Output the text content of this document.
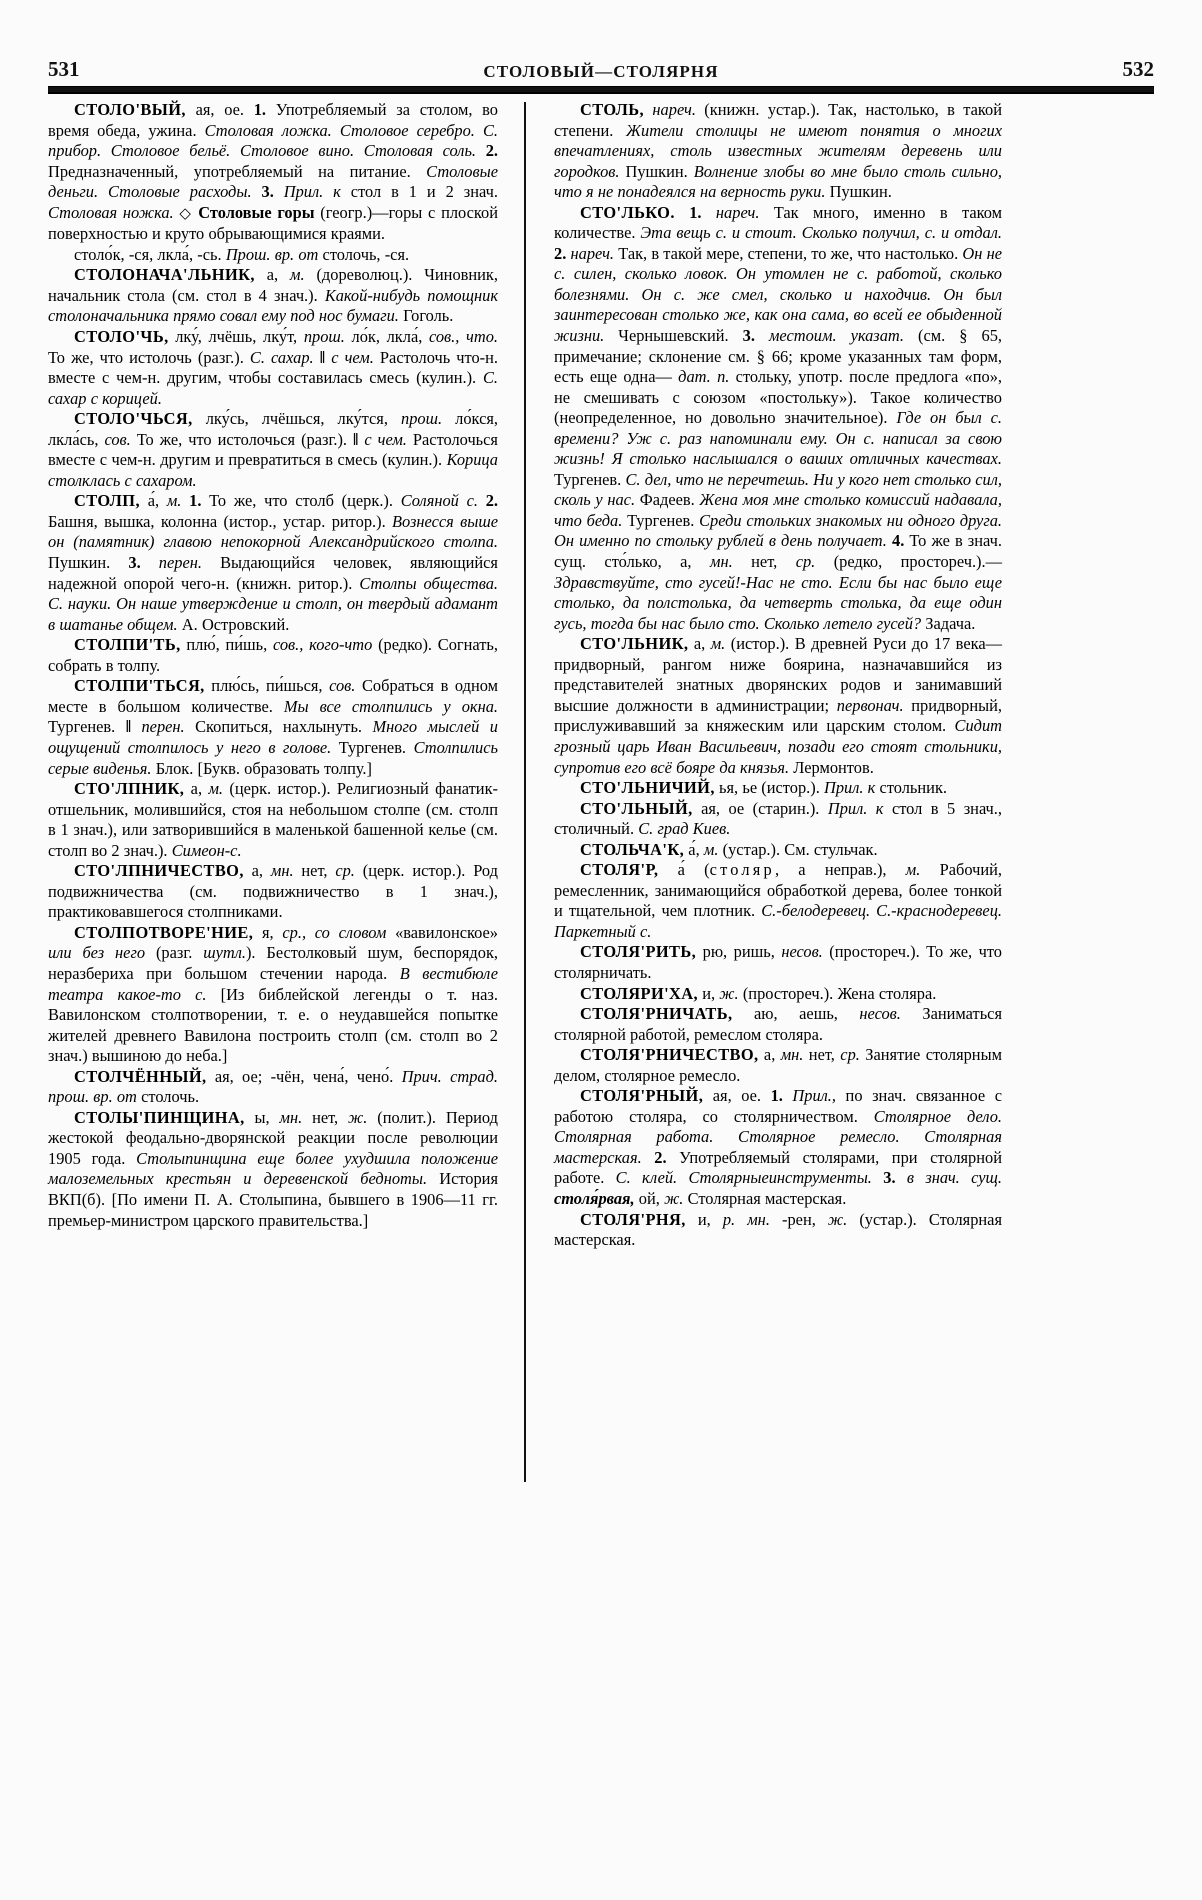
531	СТОЛОВЫЙ—СТОЛЯРНЯ	532

СТОЛО'ВЫЙ, ая, ое. 1. Употребляемый за столом, во время обеда, ужина. Столовая ложка. Столовое серебро. С. прибор. Столовое бельё. Столовое вино. Столовая соль. 2. Предназначенный, употребляемый на питание. Столовые деньги. Столовые расходы. 3. Прил. к стол в 1 и 2 знач. Столовая ножка. ◇ Столовые горы (геогр.)—горы с плоской поверхностью и круто обрывающимися краями.

столо́к, -ся, лкла́, -сь. Прош. вр. от столочь, -ся.

СТОЛОНАЧА'ЛЬНИК, а, м. (дореволюц.). Чиновник, начальник стола (см. стол в 4 знач.). Какой-нибудь помощник столоначальника прямо совал ему под нос бумаги. Гоголь.

СТОЛО'ЧЬ, лку́, лчёшь, лку́т, прош. ло́к, лкла́, сов., что. То же, что истолочь (разг.). С. сахар. ‖ с чем. Растолочь что-н. вместе с чем-н. другим, чтобы составилась смесь (кулин.). С. сахар с корицей.

СТОЛО'ЧЬСЯ, лку́сь, лчёшься, лку́тся, прош. ло́кся, лкла́сь, сов. То же, что истолочься (разг.). ‖ с чем. Растолочься вместе с чем-н. другим и превратиться в смесь (кулин.). Корица столклась с сахаром.

СТОЛП, а́, м. 1. То же, что столб (церк.). Соляной с. 2. Башня, вышка, колонна (истор., устар. ритор.). Вознесся выше он (памятник) главою непокорной Александрийского столпа. Пушкин. 3. перен. Выдающийся человек, являющийся надежной опорой чего-н. (книжн. ритор.). Столпы общества. С. науки. Он наше утверждение и столп, он твердый адамант в шатанье общем. А. Островский.

СТОЛПИ'ТЬ, плю́, пи́шь, сов., кого-что (редко). Согнать, собрать в толпу.

СТОЛПИ'ТЬСЯ, плю́сь, пи́шься, сов. Собраться в одном месте в большом количестве. Мы все столпились у окна. Тургенев. ‖ перен. Скопиться, нахлынуть. Много мыслей и ощущений столпилось у него в голове. Тургенев. Столпились серые виденья. Блок. [Букв. образовать толпу.]

СТО'ЛПНИК, а, м. (церк. истор.). Религиозный фанатик-отшельник, молившийся, стоя на небольшом столпе (см. столп в 1 знач.), или затворившийся в маленькой башенной келье (см. столп во 2 знач.). Симеон-с.

СТО'ЛПНИЧЕСТВО, а, мн. нет, ср. (церк. истор.). Род подвижничества (см. подвижничество в 1 знач.), практиковавшегося столпниками.

СТОЛПОТВОРЕ'НИЕ, я, ср., со словом «вавилонское» или без него (разг. шутл.). Бестолковый шум, беспорядок, неразбериха при большом стечении народа. В вестибюле театра какое-то с. [Из библейской легенды о т. наз. Вавилонском столпотворении, т. е. о неудавшейся попытке жителей древнего Вавилона построить столп (см. столп во 2 знач.) вышиною до неба.]

СТОЛЧЁННЫЙ, ая, ое; -чён, чена́, чено́. Прич. страд. прош. вр. от столочь.

СТОЛЫ'ПИНЩИНА, ы, мн. нет, ж. (полит.). Период жестокой феодально-дворянской реакции после революции 1905 года. Столыпинщина еще более ухудшила положение малоземельных крестьян и деревенской бедноты. История ВКП(б). [По имени П. А. Столыпина, бывшего в 1906—11 гг. премьер-министром царского правительства.]

СТОЛЬ, нареч. (книжн. устар.). Так, настолько, в такой степени. Жители столицы не имеют понятия о многих впечатлениях, столь известных жителям деревень или городков. Пушкин. Волнение злобы во мне было столь сильно, что я не понадеялся на верность руки. Пушкин.

СТО'ЛЬКО. 1. нареч. Так много, именно в таком количестве. Эта вещь с. и стоит. Сколько получил, с. и отдал. 2. нареч. Так, в такой мере, степени, то же, что настолько. Он не с. силен, сколько ловок. Он утомлен не с. работой, сколько болезнями. Он с. же смел, сколько и находчив. Он был заинтересован столько же, как она сама, во всей ее обыденной жизни. Чернышевский. 3. местоим. указат. (см. § 65, примечание; склонение см. § 66; кроме указанных там форм, есть еще одна— дат. п. стольку, употр. после предлога «по», не смешивать с союзом «постольку»). Такое количество (неопределенное, но довольно значительное). Где он был с. времени? Уж с. раз напоминали ему. Он с. написал за свою жизнь! Я столько наслышался о ваших отличных качествах. Тургенев. С. дел, что не перечтешь. Ни у кого нет столько сил, сколь у нас. Фадеев. Жена моя мне столько комиссий надавала, что беда. Тургенев. Среди стольких знакомых ни одного друга. Он именно по стольку рублей в день получает. 4. То же в знач. сущ. сто́лько, а, мн. нет, ср. (редко, простореч.).—Здравствуйте, сто гусей!-Нас не сто. Если бы нас было еще столько, да полстолька, да четверть столька, да еще один гусь, тогда бы нас было сто. Сколько летело гусей? Задача.

СТО'ЛЬНИК, а, м. (истор.). В древней Руси до 17 века—придворный, рангом ниже боярина, назначавшийся из представителей знатных дворянских родов и занимавший высшие должности в администрации; первонач. придворный, прислуживавший за княжеским или царским столом. Сидит грозный царь Иван Васильевич, позади его стоят стольники, супротив его всё бояре да князья. Лермонтов.

СТО'ЛЬНИЧИЙ, ья, ье (истор.). Прил. к стольник.

СТО'ЛЬНЫЙ, ая, ое (старин.). Прил. к стол в 5 знач., столичный. С. град Киев.

СТОЛЬЧА'К, а́, м. (устар.). См. стульчак.

СТОЛЯ'Р, а́ (столяр, а неправ.), м. Рабочий, ремесленник, занимающийся обработкой дерева, более тонкой и тщательной, чем плотник. С.-белодеревец. С.-краснодеревец. Паркетный с.

СТОЛЯ'РИТЬ, рю, ришь, несов. (простореч.). То же, что столярничать.

СТОЛЯРИ'ХА, и, ж. (простореч.). Жена столяра.

СТОЛЯ'РНИЧАТЬ, аю, аешь, несов. Заниматься столярной работой, ремеслом столяра.

СТОЛЯ'РНИЧЕСТВО, а, мн. нет, ср. Занятие столярным делом, столярное ремесло.

СТОЛЯ'РНЫЙ, ая, ое. 1. Прил., по знач. связанное с работою столяра, со столярничеством. Столярное дело. Столярная работа. Столярное ремесло. Столярная мастерская. 2. Употребляемый столярами, при столярной работе. С. клей. Столярныеинструменты. 3. в знач. сущ. столя́рвая, ой, ж. Столярная мастерская.

СТОЛЯ'РНЯ, и, р. мн. -рен, ж. (устар.). Столярная мастерская.
